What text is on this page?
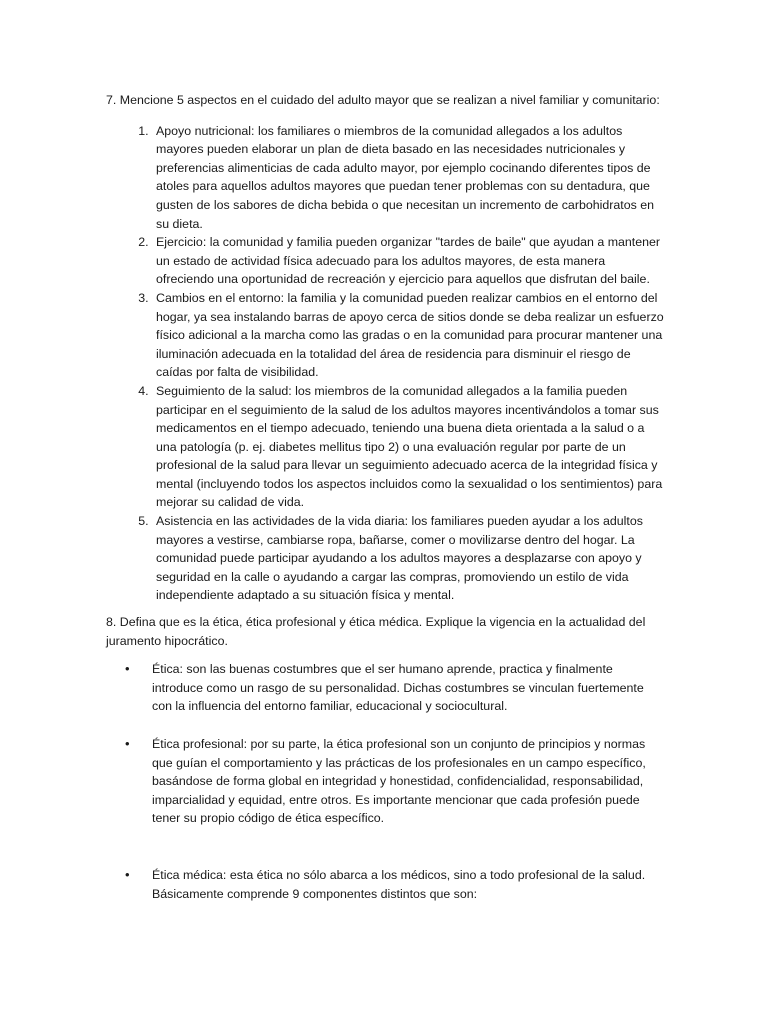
7. Mencione 5 aspectos en el cuidado del adulto mayor que se realizan a nivel familiar y comunitario:

1. Apoyo nutricional: los familiares o miembros de la comunidad allegados a los adultos mayores pueden elaborar un plan de dieta basado en las necesidades nutricionales y preferencias alimenticias de cada adulto mayor, por ejemplo cocinando diferentes tipos de atoles para aquellos adultos mayores que puedan tener problemas con su dentadura, que gusten de los sabores de dicha bebida o que necesitan un incremento de carbohidratos en su dieta.
2. Ejercicio: la comunidad y familia pueden organizar "tardes de baile" que ayudan a mantener un estado de actividad física adecuado para los adultos mayores, de esta manera ofreciendo una oportunidad de recreación y ejercicio para aquellos que disfrutan del baile.
3. Cambios en el entorno: la familia y la comunidad pueden realizar cambios en el entorno del hogar, ya sea instalando barras de apoyo cerca de sitios donde se deba realizar un esfuerzo físico adicional a la marcha como las gradas o en la comunidad para procurar mantener una iluminación adecuada en la totalidad del área de residencia para disminuir el riesgo de caídas por falta de visibilidad.
4. Seguimiento de la salud: los miembros de la comunidad allegados a la familia pueden participar en el seguimiento de la salud de los adultos mayores incentivándolos a tomar sus medicamentos en el tiempo adecuado, teniendo una buena dieta orientada a la salud o a una patología (p. ej. diabetes mellitus tipo 2) o una evaluación regular por parte de un profesional de la salud para llevar un seguimiento adecuado acerca de la integridad física y mental (incluyendo todos los aspectos incluidos como la sexualidad o los sentimientos) para mejorar su calidad de vida.
5. Asistencia en las actividades de la vida diaria: los familiares pueden ayudar a los adultos mayores a vestirse, cambiarse ropa, bañarse, comer o movilizarse dentro del hogar. La comunidad puede participar ayudando a los adultos mayores a desplazarse con apoyo y seguridad en la calle o ayudando a cargar las compras, promoviendo un estilo de vida independiente adaptado a su situación física y mental.

8. Defina que es la ética, ética profesional y ética médica. Explique la vigencia en la actualidad del juramento hipocrático.

• Ética: son las buenas costumbres que el ser humano aprende, practica y finalmente introduce como un rasgo de su personalidad. Dichas costumbres se vinculan fuertemente con la influencia del entorno familiar, educacional y sociocultural.
• Ética profesional: por su parte, la ética profesional son un conjunto de principios y normas que guían el comportamiento y las prácticas de los profesionales en un campo específico, basándose de forma global en integridad y honestidad, confidencialidad, responsabilidad, imparcialidad y equidad, entre otros. Es importante mencionar que cada profesión puede tener su propio código de ética específico.
• Ética médica: esta ética no sólo abarca a los médicos, sino a todo profesional de la salud. Básicamente comprende 9 componentes distintos que son:
